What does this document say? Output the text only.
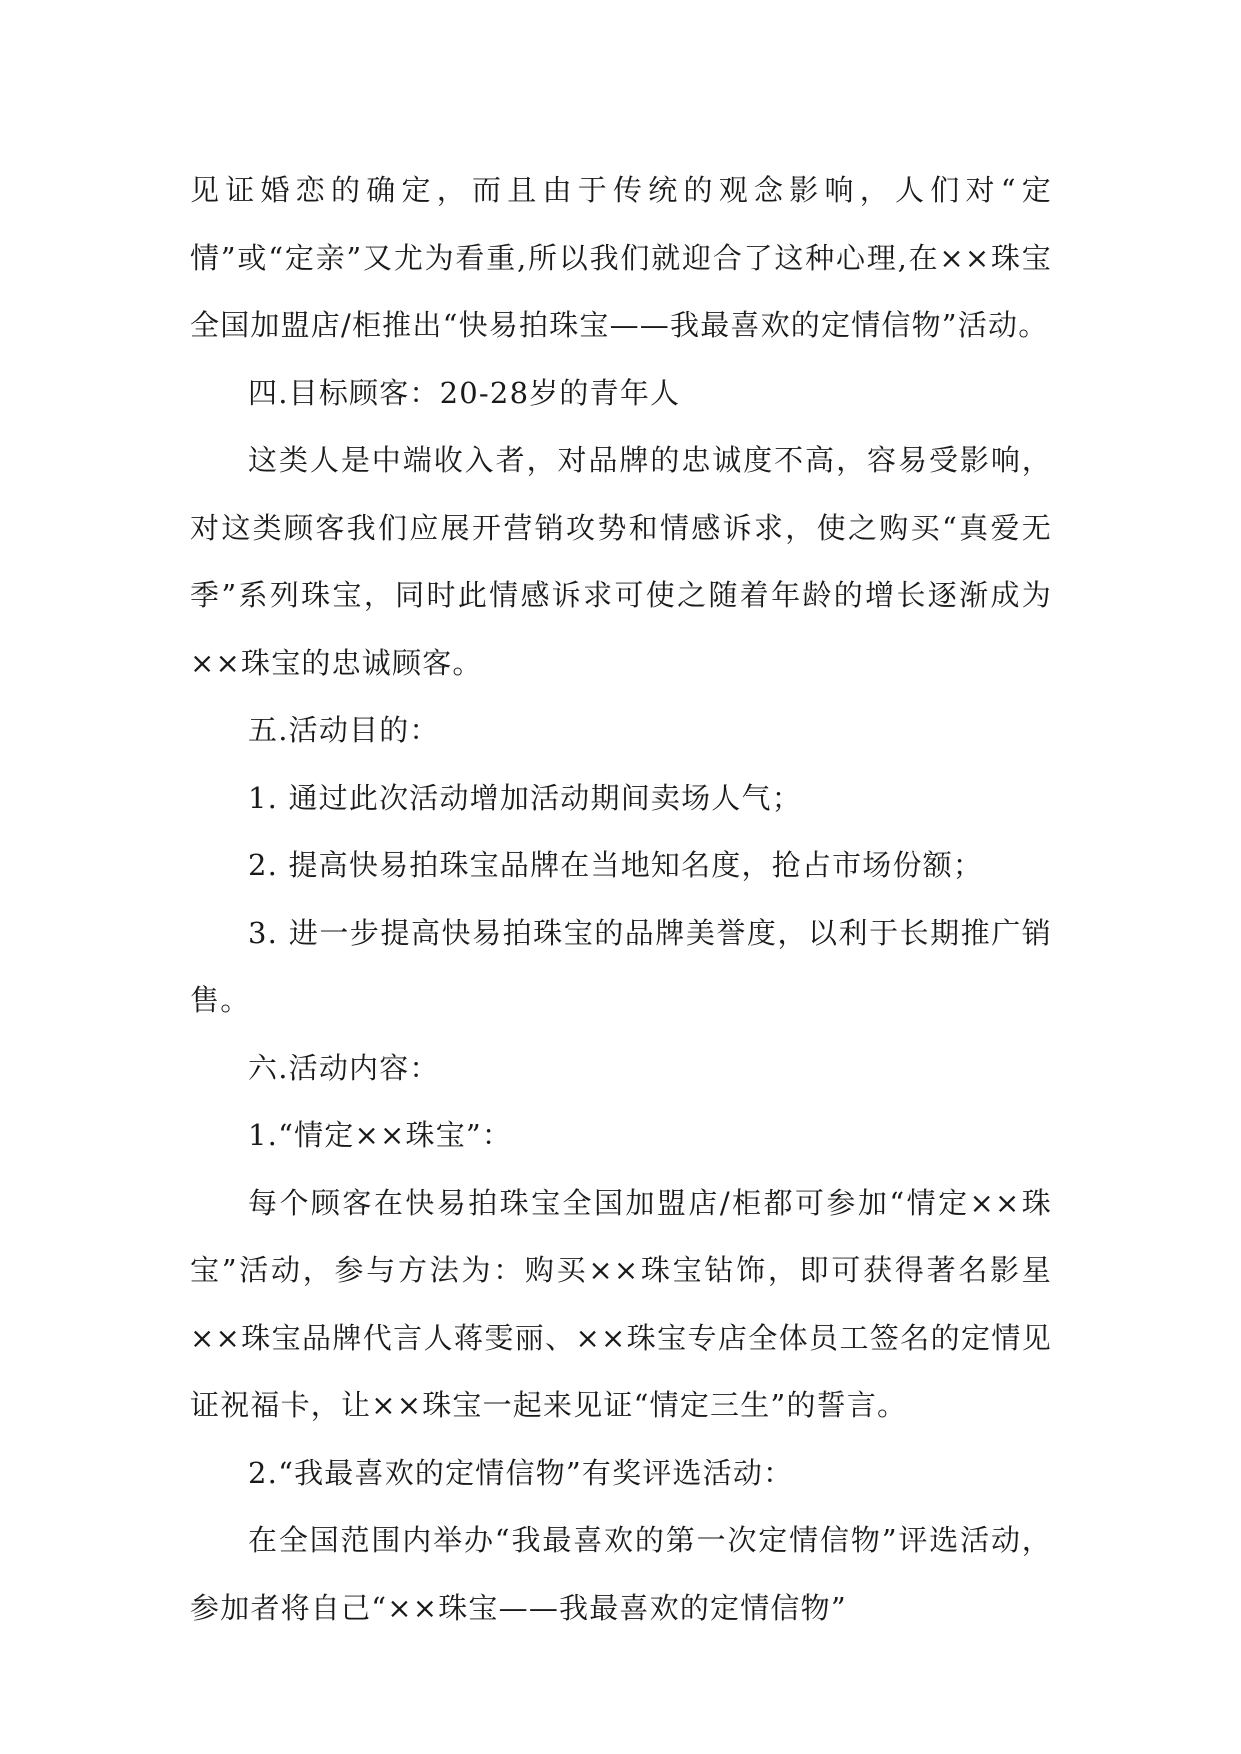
见证婚恋的确定，而且由于传统的观念影响，人们对“定情”或“定亲”又尤为看重,所以我们就迎合了这种心理,在××珠宝全国加盟店/柜推出“快易拍珠宝——我最喜欢的定情信物”活动。

四.目标顾客：20-28岁的青年人

这类人是中端收入者，对品牌的忠诚度不高，容易受影响，对这类顾客我们应展开营销攻势和情感诉求，使之购买“真爱无季”系列珠宝，同时此情感诉求可使之随着年龄的增长逐渐成为××珠宝的忠诚顾客。

五.活动目的：

1. 通过此次活动增加活动期间卖场人气；

2. 提高快易拍珠宝品牌在当地知名度，抢占市场份额；

3. 进一步提高快易拍珠宝的品牌美誉度，以利于长期推广销售。

六.活动内容：

1.“情定××珠宝”：

每个顾客在快易拍珠宝全国加盟店/柜都可参加“情定××珠宝”活动，参与方法为：购买××珠宝钻饰，即可获得著名影星××珠宝品牌代言人蒋雯丽、××珠宝专店全体员工签名的定情见证祝福卡，让××珠宝一起来见证“情定三生”的誓言。

2.“我最喜欢的定情信物”有奖评选活动：

在全国范围内举办“我最喜欢的第一次定情信物”评选活动，参加者将自己“××珠宝——我最喜欢的定情信物”
